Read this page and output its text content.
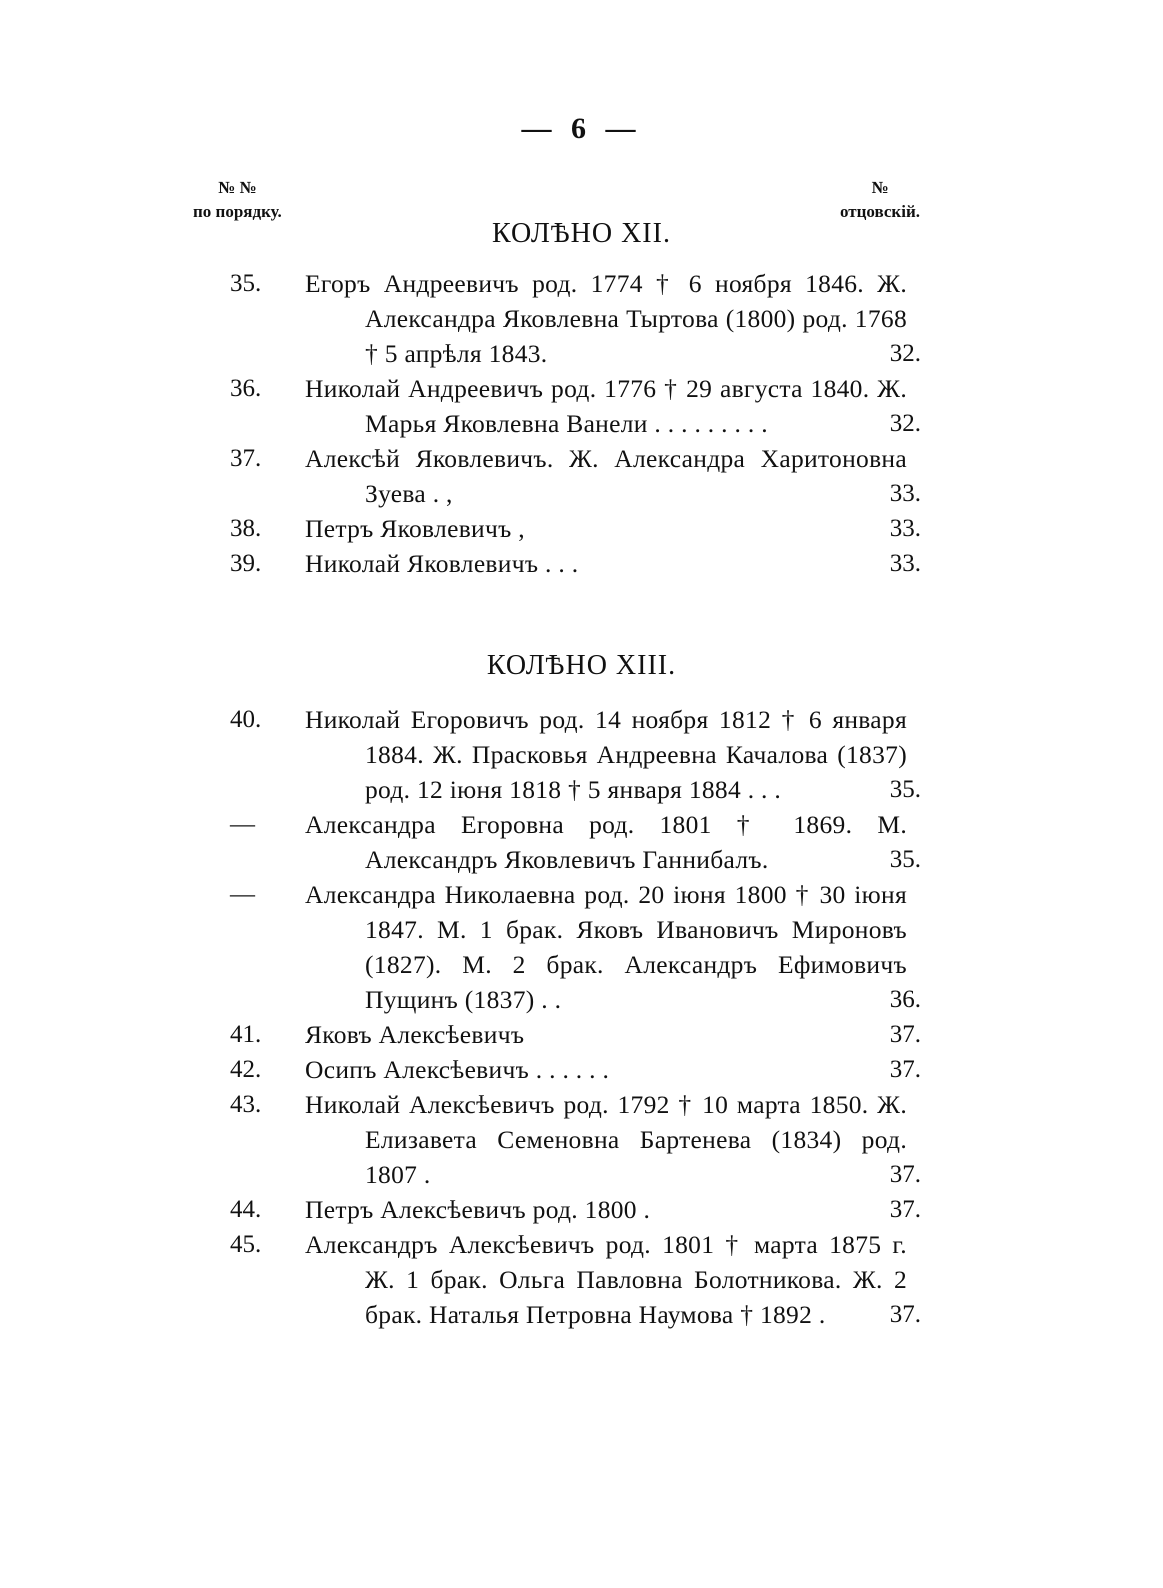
— 6 —
№ №
по порядку.
№
отцовскій.
КОЛѢНО XII.
35.	Егоръ Андреевичъ род. 1774 † 6 ноября 1846. Ж. Александра Яковлевна Тыртова (1800) род. 1768 † 5 апрѣля 1843.	32.
36.	Николай Андреевичъ род. 1776 † 29 августа 1840. Ж. Марья Яковлевна Ванели . . . . . . . . .	32.
37.	Алексѣй Яковлевичъ. Ж. Александра Харитоновна Зуева . ,	33.
38.	Петръ Яковлевичъ ,	33.
39.	Николай Яковлевичъ . . .	33.
КОЛѢНО XIII.
40.	Николай Егоровичъ род. 14 ноября 1812 † 6 января 1884. Ж. Прасковья Андреевна Качалова (1837) род. 12 іюня 1818 † 5 января 1884 . . .	35.
—	Александра Егоровна род. 1801 † 1869. М. Александръ Яковлевичъ Ганнибалъ.	35.
—	Александра Николаевна род. 20 іюня 1800 † 30 іюня 1847. М. 1 брак. Яковъ Ивановичъ Мироновъ (1827). М. 2 брак. Александръ Ефимовичъ Пущинъ (1837) . .	36.
41.	Яковъ Алексѣевичъ	37.
42.	Осипъ Алексѣевичъ . . . . . .	37.
43.	Николай Алексѣевичъ род. 1792 † 10 марта 1850. Ж. Елизавета Семеновна Бартенева (1834) род. 1807 .	37.
44.	Петръ Алексѣевичъ род. 1800 .	37.
45.	Александръ Алексѣевичъ род. 1801 † марта 1875 г. Ж. 1 брак. Ольга Павловна Болотникова. Ж. 2 брак. Наталья Петровна Наумова † 1892 .	37.
